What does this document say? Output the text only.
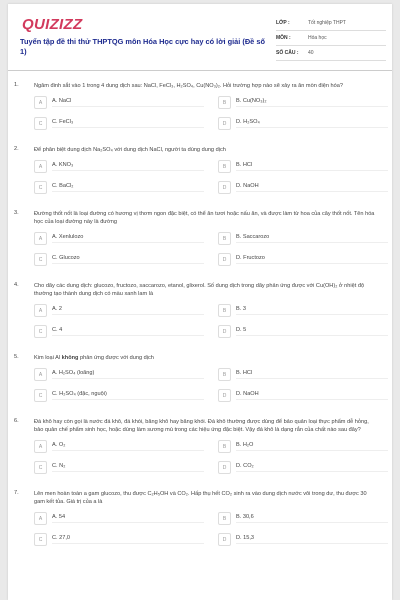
QUIZIZZ
Tuyển tập đề thi thử THPTQG môn Hóa Học cực hay có lời giải (Đề số 1)
LỚP :	Tốt nghiệp THPT
MÔN :	Hóa học
SỐ CÂU :	40
1.	Ngâm đinh sắt vào 1 trong 4 dung dịch sau: NaCl, FeCl₃, H₂SO₄, Cu(NO₃)₂. Hỏi trường hợp nào sẽ xảy ra ăn mòn điện hóa?
A	A. NaCl	B	B. Cu(NO₃)₂
C	C. FeCl₃	D	D. H₂SO₄
2.	Để phân biệt dung dịch Na₂SO₄ với dung dịch NaCl, người ta dùng dung dịch
A	A. KNO₃	B	B. HCl
C	C. BaCl₂	D	D. NaOH
3.	Đường thốt nốt là loại đường có hương vị thơm ngon đặc biệt, có thể ăn tươi hoặc nấu ăn, và được làm từ hoa của cây thốt nốt. Tên hóa học của loại đường này là đường
A	A. Xenlulozo	B	B. Saccarozo
C	C. Glucozo	D	D. Fructozo
4.	Cho dãy các dung dịch: glucozo, fructozo, saccarozo, etanol, glixerol. Số dung dịch trong dãy phản ứng được với Cu(OH)₂ ở nhiệt độ thường tạo thành dung dịch có màu xanh lam là
A	A. 2	B	B. 3
C	C. 4	D	D. 5
5.	Kim loại Al không phản ứng được với dung dịch
A	A. H₂SO₄ (loãng)	B	B. HCl
C	C. H₂SO₄ (đặc, nguội)	D	D. NaOH
6.	Đá khô hay còn gọi là nước đá khô, đá khói, băng khô hay băng khói. Đá khô thường được dùng để bảo quản loại thực phẩm dễ hỏng, bảo quản chế phẩm sinh học, hoặc dùng làm sương mù trong các hiệu ứng đặc biệt. Vậy đá khô là dạng rắn của chất nào sau đây?
A	A. O₂	B	B. H₂O
C	C. N₂	D	D. CO₂
7.	Lên men hoàn toàn a gam glucozo, thu được C₂H₅OH và CO₂. Hấp thụ hết CO₂ sinh ra vào dung dịch nước vôi trong dư, thu được 30 gam kết tủa. Giá trị của a là
A	A. 54	B	B. 30,6
C	C. 27,0	D	D. 15,3
